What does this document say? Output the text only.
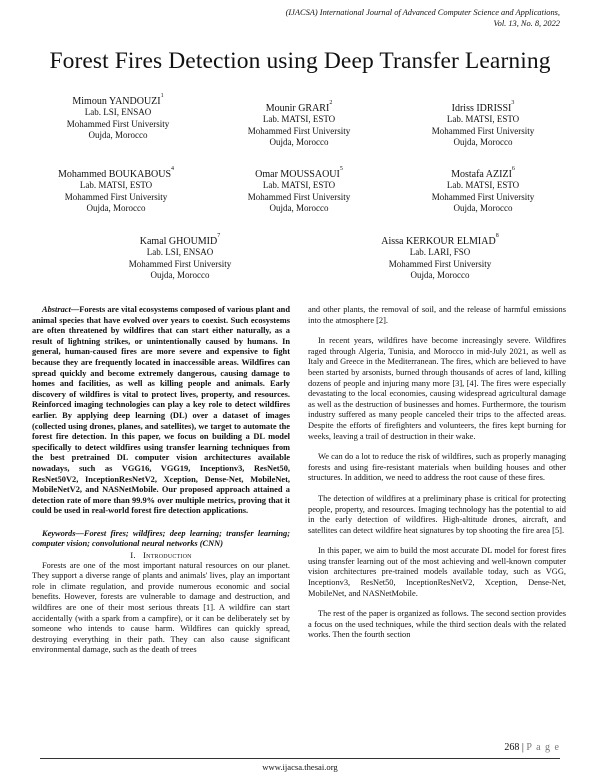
(IJACSA) International Journal of Advanced Computer Science and Applications,
Vol. 13, No. 8, 2022
Forest Fires Detection using Deep Transfer Learning
Mimoun YANDOUZI$^1$
Lab. LSI, ENSAO
Mohammed First University
Oujda, Morocco
Mounir GRARI$^2$
Lab. MATSI, ESTO
Mohammed First University
Oujda, Morocco
Idriss IDRISSI$^3$
Lab. MATSI, ESTO
Mohammed First University
Oujda, Morocco
Mohammed BOUKABOUS$^4$
Lab. MATSI, ESTO
Mohammed First University
Oujda, Morocco
Omar MOUSSAOUI$^5$
Lab. MATSI, ESTO
Mohammed First University
Oujda, Morocco
Mostafa AZIZI$^6$
Lab. MATSI, ESTO
Mohammed First University
Oujda, Morocco
Kamal GHOUMID$^7$
Lab. LSI, ENSAO
Mohammed First University
Oujda, Morocco
Aissa KERKOUR ELMIAD$^8$
Lab. LARI, FSO
Mohammed First University
Oujda, Morocco

Abstract—Forests are vital ecosystems composed of various plant and animal species that have evolved over years to coexist. Such ecosystems are often threatened by wildfires that can start either naturally, as a result of lightning strikes, or unintentionally caused by humans. In general, human-caused fires are more severe and expensive to fight because they are frequently located in inaccessible areas. Wildfires can spread quickly and become extremely dangerous, causing damage to homes and facilities, as well as killing people and animals. Early discovery of wildfires is vital to protect lives, property, and resources. Reinforced imaging technologies can play a key role to detect wildfires earlier. By applying deep learning (DL) over a dataset of images (collected using drones, planes, and satellites), we target to automate the forest fire detection. In this paper, we focus on building a DL model specifically to detect wildfires using transfer learning techniques from the best pretrained DL computer vision architectures available nowadays, such as VGG16, VGG19, Inceptionv3, ResNet50, ResNet50V2, InceptionResNetV2, Xception, Dense-Net, MobileNet, MobileNetV2, and NASNetMobile. Our proposed approach attained a detection rate of more than 99.9% over multiple metrics, proving that it could be used in real-world forest fire detection applications.

Keywords—Forest fires; wildfires; deep learning; transfer learning; computer vision; convolutional neural networks (CNN)

I. Introduction

Forests are one of the most important natural resources on our planet. They support a diverse range of plants and animals' lives, play an important role in climate regulation, and provide numerous economic and social benefits. However, forests are vulnerable to damage and destruction, and wildfires are one of their most serious threats [1]. A wildfire can start accidentally (with a spark from a campfire), or it can be deliberately set by someone who intends to cause harm. Wildfires can quickly spread, destroying everything in their path. They can also cause significant environmental damage, such as the death of trees

and other plants, the removal of soil, and the release of harmful emissions into the atmosphere [2].

In recent years, wildfires have become increasingly severe. Wildfires raged through Algeria, Tunisia, and Morocco in mid-July 2021, as well as Italy and Greece in the Mediterranean. The fires, which are believed to have been started by arsonists, burned through thousands of acres of land, killing dozens of people and injuring many more [3], [4]. The fires were especially devastating to the local economies, causing widespread agricultural damage as well as the destruction of businesses and homes. Furthermore, the tourism industry suffered as many people canceled their trips to the affected areas. Despite the efforts of firefighters and volunteers, the fires kept burning for weeks, leaving a trail of destruction in their wake.

We can do a lot to reduce the risk of wildfires, such as properly managing forests and using fire-resistant materials when building houses and other structures. In addition, we need to address the root cause of these fires.

The detection of wildfires at a preliminary phase is critical for protecting people, property, and resources. Imaging technology has the potential to aid in the early detection of wildfires. High-altitude drones, aircraft, and satellites can detect wildfire heat signatures by top shooting the fire area [5].

In this paper, we aim to build the most accurate DL model for forest fires using transfer learning out of the most achieving and well-known computer vision architectures pre-trained models available today, such as VGG, Inceptionv3, ResNet50, InceptionResNetV2, Xception, Dense-Net, MobileNet, and NASNetMobile.

The rest of the paper is organized as follows. The second section provides a focus on the used techniques, while the third section deals with the related works. Then the fourth section

268 | P a g e
www.ijacsa.thesai.org
